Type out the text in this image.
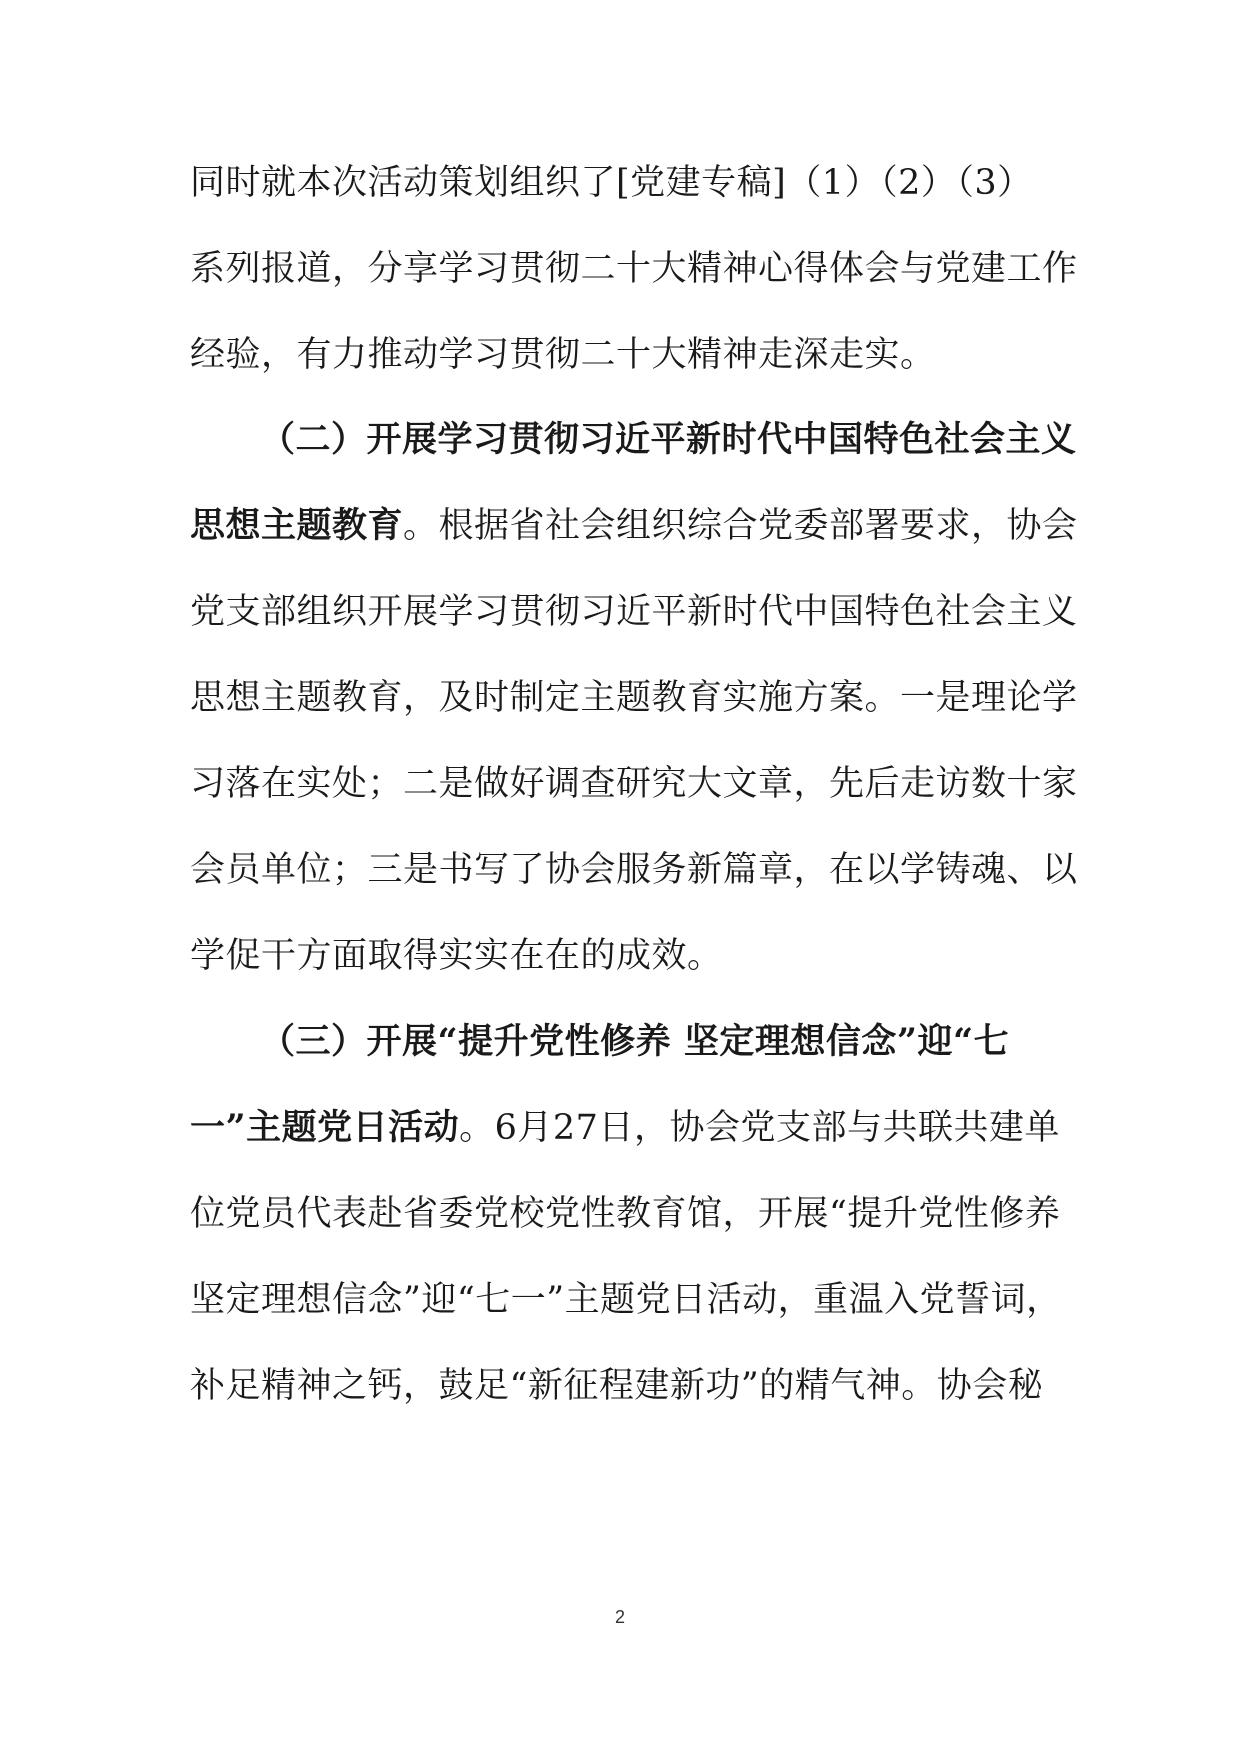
同时就本次活动策划组织了[党建专稿]（1）（2）（3）
系列报道，分享学习贯彻二十大精神心得体会与党建工作
经验，有力推动学习贯彻二十大精神走深走实。
（二）开展学习贯彻习近平新时代中国特色社会主义
思想主题教育。根据省社会组织综合党委部署要求，协会
党支部组织开展学习贯彻习近平新时代中国特色社会主义
思想主题教育，及时制定主题教育实施方案。一是理论学
习落在实处；二是做好调查研究大文章，先后走访数十家
会员单位；三是书写了协会服务新篇章，在以学铸魂、以
学促干方面取得实实在在的成效。
（三）开展“提升党性修养 坚定理想信念”迎“七
一”主题党日活动。6月27日，协会党支部与共联共建单
位党员代表赴省委党校党性教育馆，开展“提升党性修养
坚定理想信念”迎“七一”主题党日活动，重温入党誓词，
补足精神之钙，鼓足“新征程建新功”的精气神。协会秘
2
